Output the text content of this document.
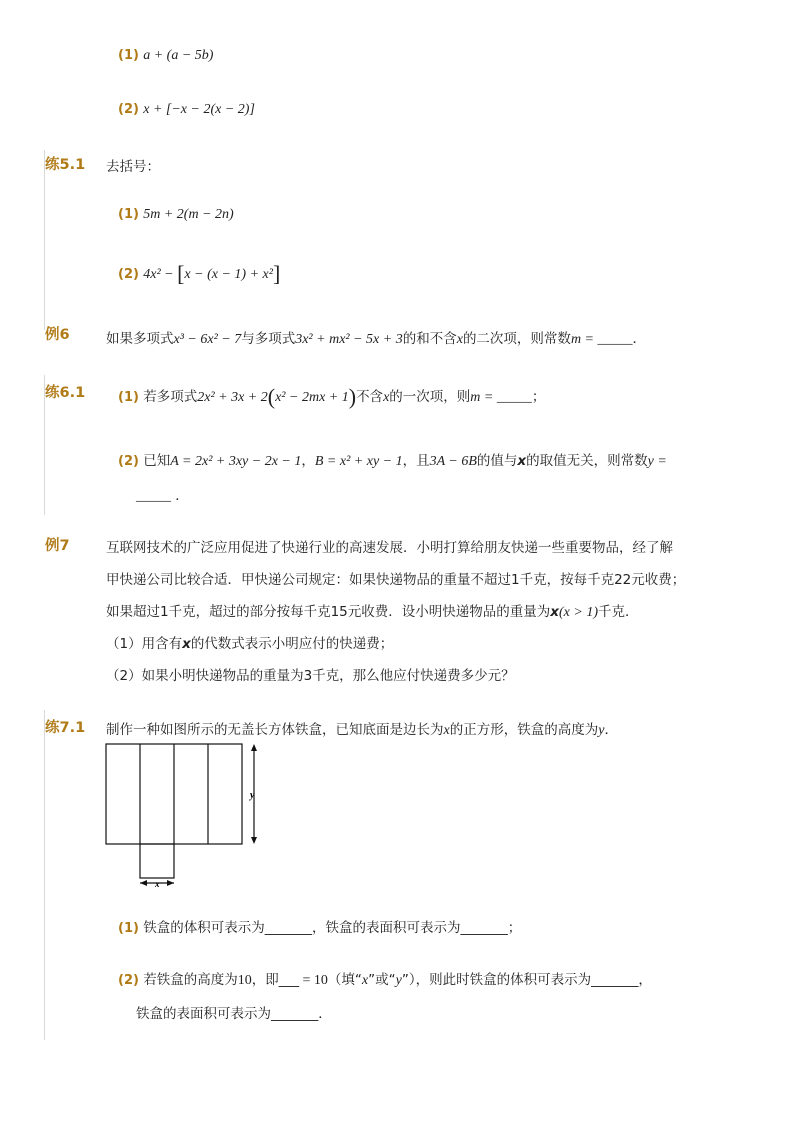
(1) a + (a − 5b)
(2) x + [−x − 2(x − 2)]
练5.1 去括号：
(1) 5m + 2(m − 2n)
(2) 4x² − [x − (x − 1) + x²]
例6	如果多项式x³ − 6x² − 7与多项式3x² + mx² − 5x + 3的和不含x的二次项，则常数m = _____．
练6.1	(1) 若多项式2x² + 3x + 2(x² − 2mx + 1)不含x的一次项，则m = _____；
(2) 已知A = 2x² + 3xy − 2x − 1，B = x² + xy − 1，且3A − 6B的值与x的取值无关，则常数y =
_____ ．
例7	互联网技术的广泛应用促进了快递行业的高速发展．小明打算给朋友快递一些重要物品，经了解
甲快递公司比较合适．甲快递公司规定：如果快递物品的重量不超过1千克，按每千克22元收费；
如果超过1千克，超过的部分按每千克15元收费．设小明快递物品的重量为x(x > 1)千克．
（1）用含有x的代数式表示小明应付的快递费；
（2）如果小明快递物品的重量为3千克，那么他应付快递费多少元？
练7.1 制作一种如图所示的无盖长方体铁盒，已知底面是边长为x的正方形，铁盒的高度为y．
y
x
(1) 铁盒的体积可表示为_______，铁盒的表面积可表示为_______；
(2) 若铁盒的高度为10，即___ = 10（填“x”或“y”），则此时铁盒的体积可表示为_______，
铁盒的表面积可表示为_______．
